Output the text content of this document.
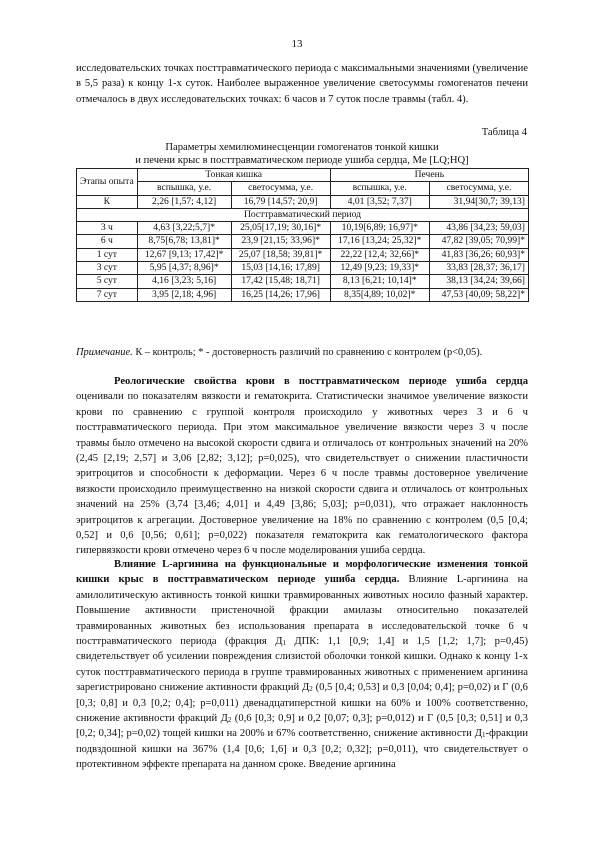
13
исследовательских точках посттравматического периода с максимальными значениями (увеличение в 5,5 раза) к концу 1-х суток. Наиболее выраженное увеличение светосуммы гомогенатов печени отмечалось в двух исследовательских точках: 6 часов и 7 суток после травмы (табл. 4).
Таблица 4
Параметры хемилюминесценции гомогенатов тонкой кишки
и печени крыс в посттравматическом периоде ушиба сердца, Me [LQ;HQ]
Этапы опыта	Тонкая кишка		Печень	
	вспышка, у.е.	светосумма, у.е.	вспышка, у.е.	светосумма, у.е.
К	2,26 [1,57; 4,12]	16,79 [14,57; 20,9]	4,01 [3,52; 7,37]	31,94[30,7; 39,13]
Посттравматический период				
3 ч	4,63 [3,22;5,7]*	25,05[17,19; 30,16]*	10,19[6,89; 16,97]*	43,86 [34,23; 59,03]
6 ч	8,75[6,78; 13,81]*	23,9 [21,15; 33,96]*	17,16 [13,24; 25,32]*	47,82 [39,05; 70,99]*
1 сут	12,67 [9,13; 17,42]*	25,07 [18,58; 39,81]*	22,22 [12,4; 32,66]*	41,83 [36,26; 60,93]*
3 сут	5,95 [4,37; 8,96]*	15,03 [14,16; 17,89]	12,49 [9,23; 19,33]*	33,83 [28,37; 36,17]
5 сут	4,16 [3,23; 5,16]	17,42 [15,48; 18,71]	8,13 [6,21; 10,14]*	38,13 [34,24; 39,66]
7 сут	3,95 [2,18; 4,96]	16,25 [14,26; 17,96]	8,35[4,89; 10,02]*	47,53 [40,09; 58,22]*
Примечание. К – контроль; * - достоверность различий по сравнению с контролем (p<0,05).
Реологические свойства крови в посттравматическом периоде ушиба сердца оценивали по показателям вязкости и гематокрита. Статистически значимое увеличение вязкости крови по сравнению с группой контроля происходило у животных через 3 и 6 ч посттравматического периода. При этом максимальное увеличение вязкости через 3 ч после травмы было отмечено на высокой скорости сдвига и отличалось от контрольных значений на 20% (2,45 [2,19; 2,57] и 3,06 [2,82; 3,12]; p=0,025), что свидетельствует о снижении пластичности эритроцитов и способности к деформации. Через 6 ч после травмы достоверное увеличение вязкости происходило преимущественно на низкой скорости сдвига и отличалось от контрольных значений на 25% (3,74 [3,46; 4,01] и 4,49 [3,86; 5,03]; p=0,031), что отражает наклонность эритроцитов к агрегации. Достоверное увеличение на 18% по сравнению с контролем (0,5 [0,4; 0,52] и 0,6 [0,56; 0,61]; p=0,022) показателя гематокрита как гематологического фактора гипервязкости крови отмечено через 6 ч после моделирования ушиба сердца.
Влияние L-аргинина на функциональные и морфологические изменения тонкой кишки крыс в посттравматическом периоде ушиба сердца. Влияние L-аргинина на амилолитическую активность тонкой кишки травмированных животных носило фазный характер. Повышение активности пристеночной фракции амилазы относительно показателей травмированных животных без использования препарата в исследовательской точке 6 ч посттравматического периода (фракция $Д_1$ ДПК: 1,1 [0,9; 1,4] и 1,5 [1,2; 1,7]; p=0,45) свидетельствует об усилении повреждения слизистой оболочки тонкой кишки. Однако к концу 1-х суток посттравматического периода в группе травмированных животных с применением аргинина зарегистрировано снижение активности фракций $Д_2$ (0,5 [0,4; 0,53] и 0,3 [0,04; 0,4]; p=0,02) и Г (0,6 [0,3; 0,8] и 0,3 [0,2; 0,4]; p=0,011) двенадцатиперстной кишки на 60% и 100% соответственно, снижение активности фракций $Д_2$ (0,6 [0,3; 0,9] и 0,2 [0,07; 0,3]; p=0,012) и Г (0,5 [0,3; 0,51] и 0,3 [0,2; 0,34]; p=0,02) тощей кишки на 200% и 67% соответственно, снижение активности $Д_1$-фракции подвздошной кишки на 367% (1,4 [0,6; 1,6] и 0,3 [0,2; 0,32]; p=0,011), что свидетельствует о протективном эффекте препарата на данном сроке. Введение аргинина
